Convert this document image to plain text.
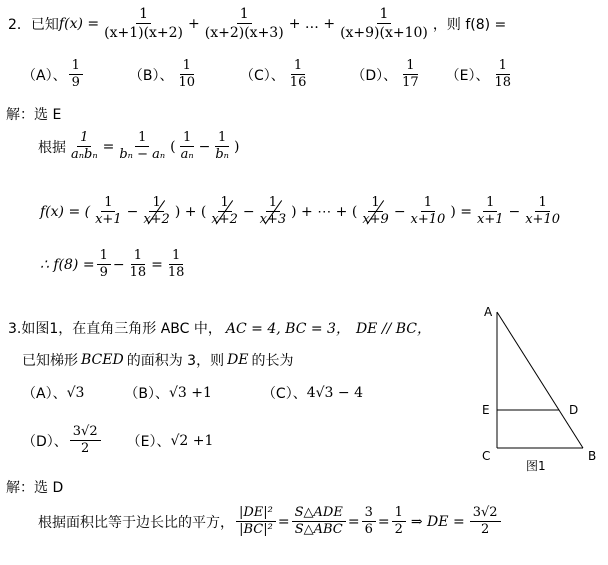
2．已知 $f(x) = \frac{1}{(x+1)(x+2)} + \frac{1}{(x+2)(x+3)}$ + … + $\frac{1}{(x+9)(x+10)}$ ，则 f(8) =
（A）、 $\frac{1}{9}$	（B）、 $\frac{1}{10}$	（C）、 $\frac{1}{16}$	（D）、 $\frac{1}{17} (E)$、 $\frac{1}{18}$
解：选 E
根据 $\frac{1}{\text{aₙbₙ}} = \frac{1}{\text{bₙ − aₙ}}$ ( $\frac{1}{\text{aₙ}} - \frac{1}{\text{bₙ}}$ )
f(x) = ( $\frac{1}{x+1} - \frac{1}{x+2}$ ) + ( $\frac{1}{x+2} - \frac{1}{x+3}$ ) + ⋯ + ( $\frac{1}{x+9} - \frac{1}{x+10}$ ) = $\frac{1}{x+1} - \frac{1}{x+10}$
∴ $f(8) = \frac{1}{9} - \frac{1}{18} = \frac{1}{18}$
3.如图1，在直角三角形 ABC 中， AC = 4, BC = 3， DE // BC，
已知梯形 BCED 的面积为 3，则 DE 的长为
（A）、 √3	（B）、 √3 +1	（C）、 4√3 − 4
（D）、 $\frac{3√2}{2} (E)$、 √2 +1
解：选 D
根据面积比等于边长比的平方， $\frac{\text{|DE|²}}{\text{|BC|²}} = \frac{\text{S△ADE}}{\text{S△ABC}} = \frac{3}{6} = \frac{1}{2}$ ⇒ DE = $\frac{3√2}{2}$
A
E	D
C	B
图1
